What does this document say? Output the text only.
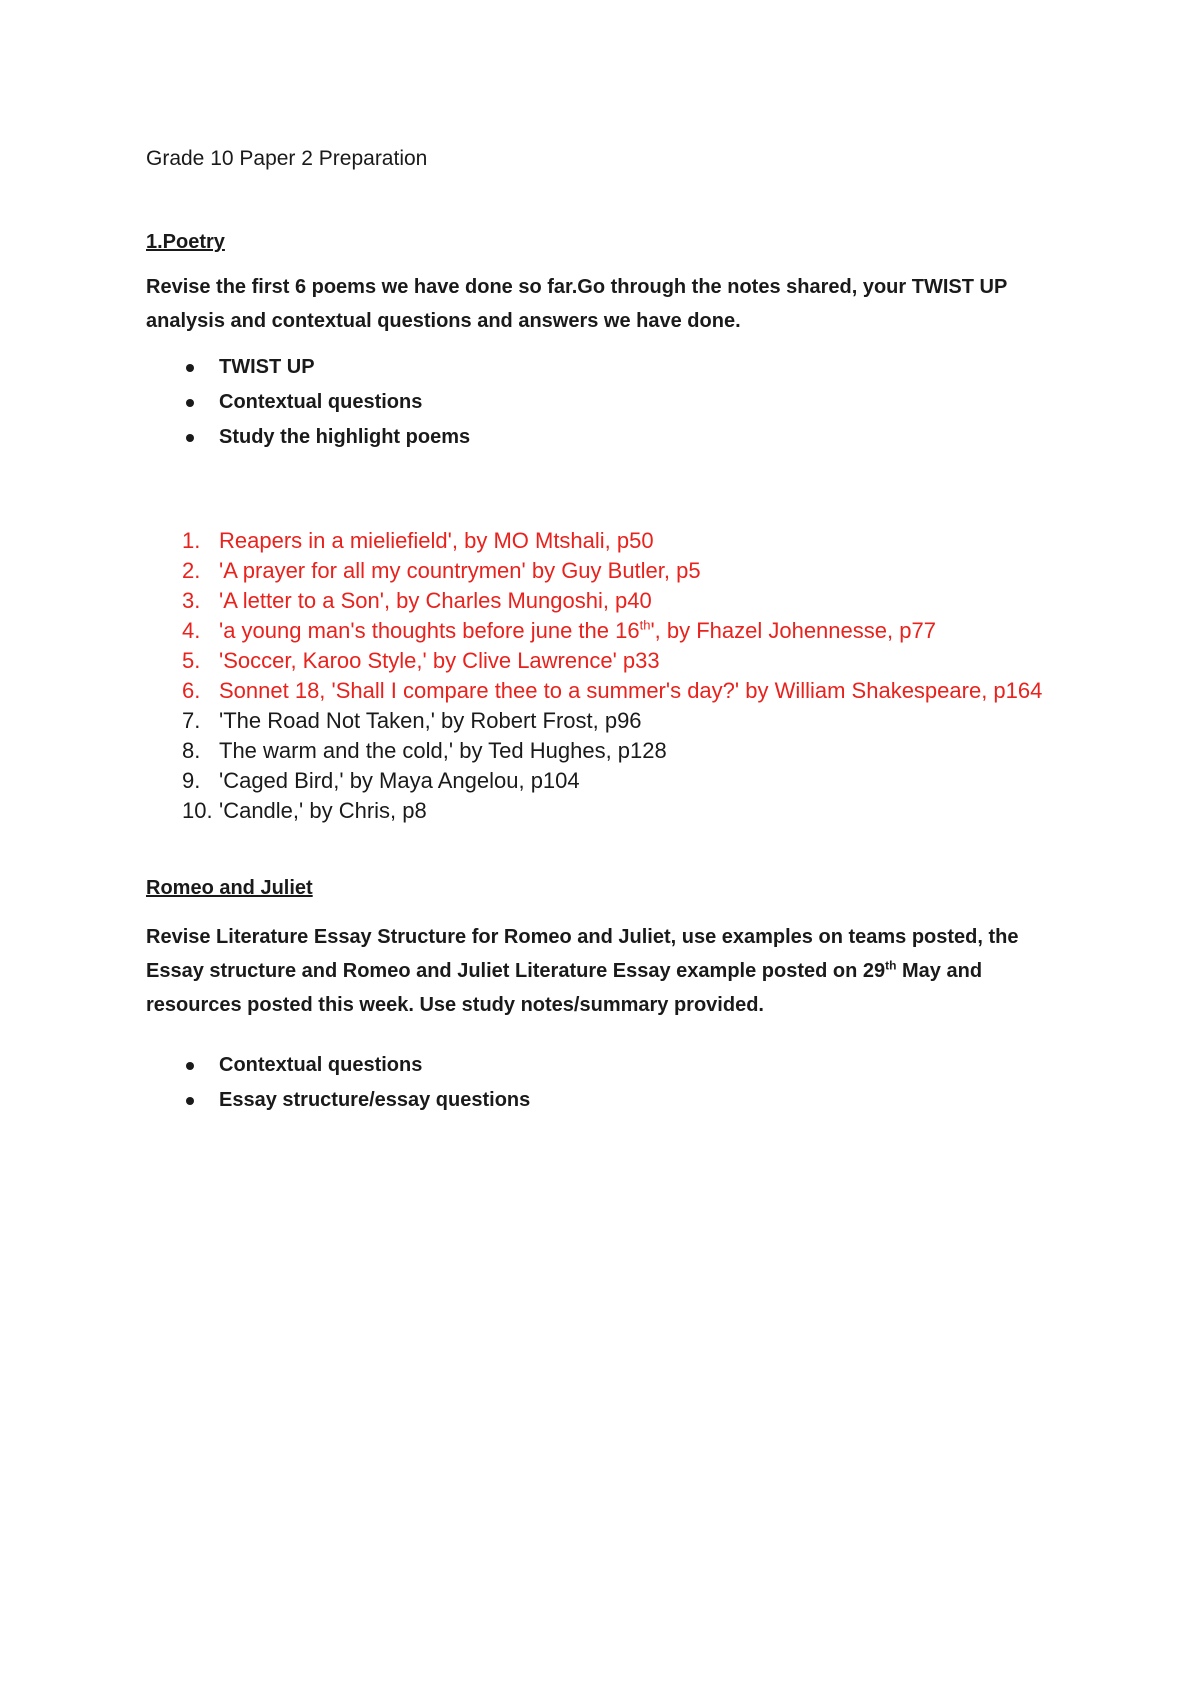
Grade 10 Paper 2 Preparation
1.Poetry

Revise the first 6 poems we have done so far.Go through the notes shared, your TWIST UP analysis and contextual questions and answers we have done.

TWIST UP
Contextual questions
Study the highlight poems
1. Reapers in a mieliefield', by MO Mtshali, p50
2. 'A prayer for all my countrymen' by Guy Butler, p5
3. 'A letter to a Son', by Charles Mungoshi, p40
4. 'a young man's thoughts before june the 16th', by Fhazel Johennesse, p77
5. 'Soccer, Karoo Style,' by Clive Lawrence' p33
6. Sonnet 18, 'Shall I compare thee to a summer's day?' by William Shakespeare, p164
7. 'The Road Not Taken,' by Robert Frost, p96
8. The warm and the cold,' by Ted Hughes, p128
9. 'Caged Bird,' by Maya Angelou, p104
10. 'Candle,' by Chris, p8
Romeo and Juliet

Revise Literature Essay Structure for Romeo and Juliet, use examples on teams posted, the Essay structure and Romeo and Juliet Literature Essay example posted on 29th May and resources posted this week. Use study notes/summary provided.

Contextual questions
Essay structure/essay questions
